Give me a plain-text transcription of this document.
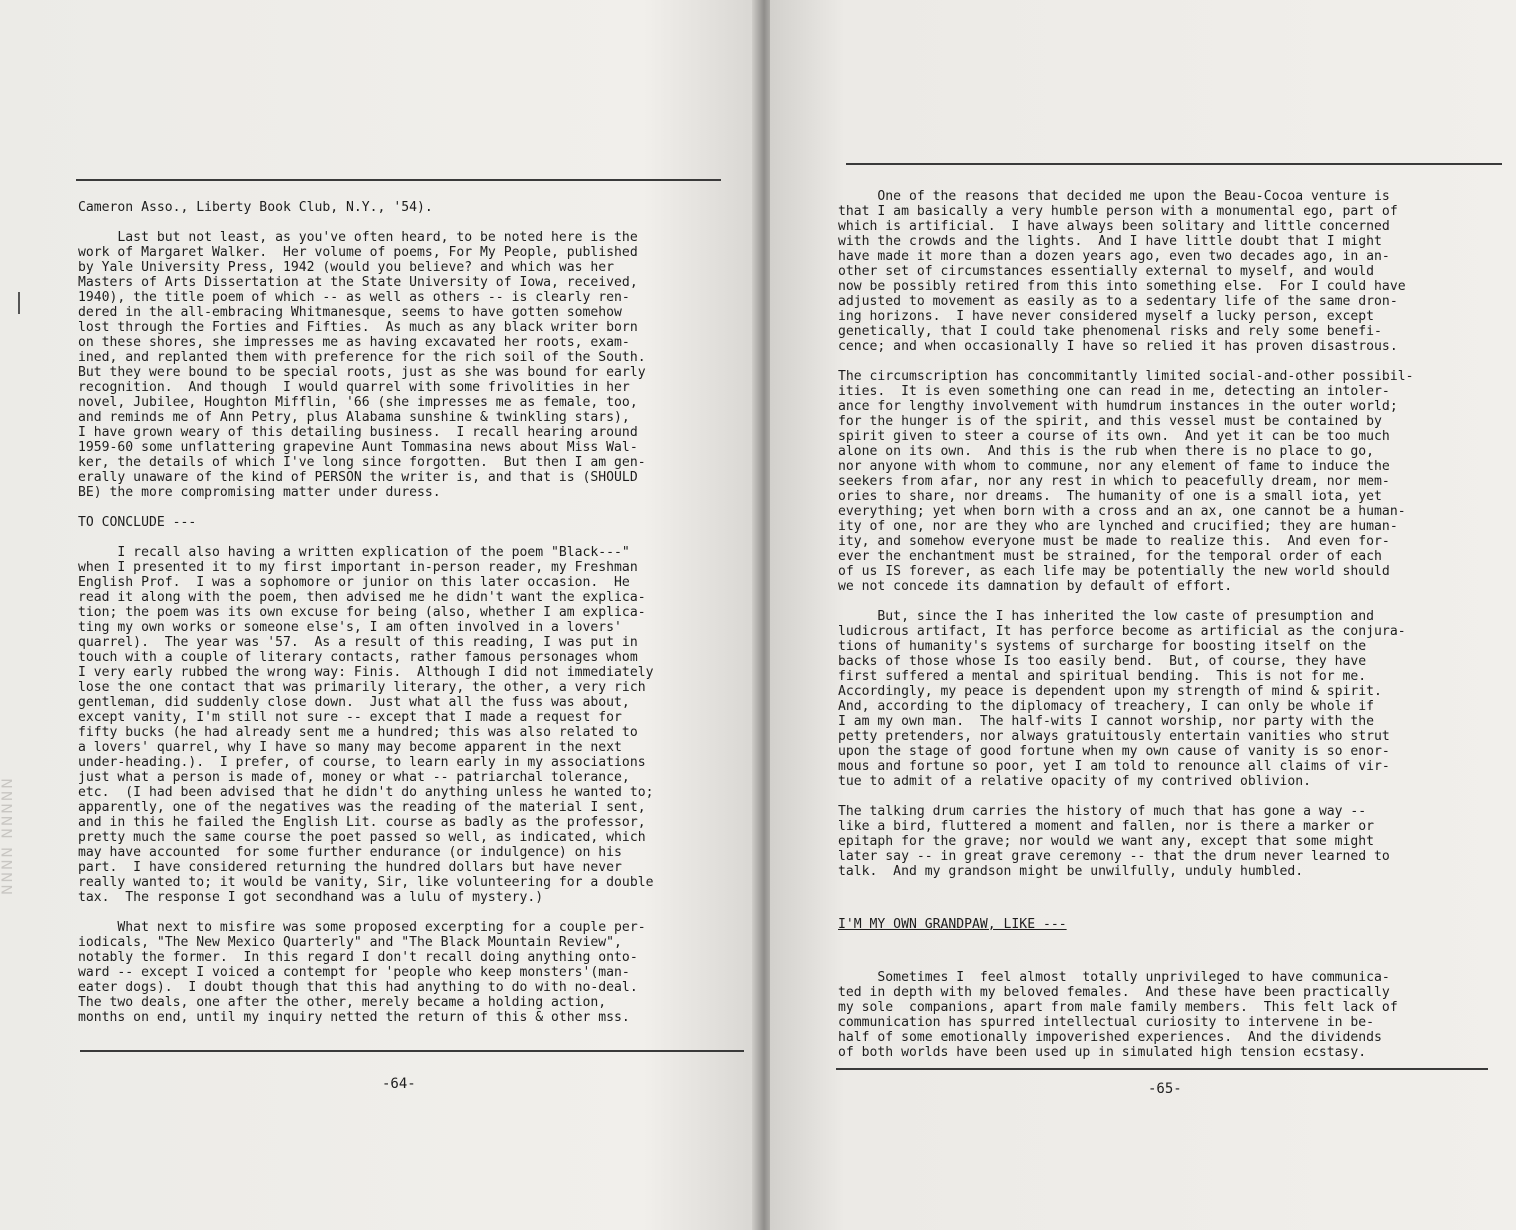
NNNN NNNNN
Cameron Asso., Liberty Book Club, N.Y., '54).
Last but not least, as you've often heard, to be noted here is the
work of Margaret Walker.  Her volume of poems, For My People, published
by Yale University Press, 1942 (would you believe? and which was her
Masters of Arts Dissertation at the State University of Iowa, received,
1940), the title poem of which -- as well as others -- is clearly ren-
dered in the all-embracing Whitmanesque, seems to have gotten somehow
lost through the Forties and Fifties.  As much as any black writer born
on these shores, she impresses me as having excavated her roots, exam-
ined, and replanted them with preference for the rich soil of the South.
But they were bound to be special roots, just as she was bound for early
recognition.  And though  I would quarrel with some frivolities in her
novel, Jubilee, Houghton Mifflin, '66 (she impresses me as female, too,
and reminds me of Ann Petry, plus Alabama sunshine & twinkling stars),
I have grown weary of this detailing business.  I recall hearing around
1959-60 some unflattering grapevine Aunt Tommasina news about Miss Wal-
ker, the details of which I've long since forgotten.  But then I am gen-
erally unaware of the kind of PERSON the writer is, and that is (SHOULD
BE) the more compromising matter under duress.
TO CONCLUDE ---
I recall also having a written explication of the poem "Black---"
when I presented it to my first important in-person reader, my Freshman
English Prof.  I was a sophomore or junior on this later occasion.  He
read it along with the poem, then advised me he didn't want the explica-
tion; the poem was its own excuse for being (also, whether I am explica-
ting my own works or someone else's, I am often involved in a lovers'
quarrel).  The year was '57.  As a result of this reading, I was put in
touch with a couple of literary contacts, rather famous personages whom
I very early rubbed the wrong way: Finis.  Although I did not immediately
lose the one contact that was primarily literary, the other, a very rich
gentleman, did suddenly close down.  Just what all the fuss was about,
except vanity, I'm still not sure -- except that I made a request for
fifty bucks (he had already sent me a hundred; this was also related to
a lovers' quarrel, why I have so many may become apparent in the next
under-heading.).  I prefer, of course, to learn early in my associations
just what a person is made of, money or what -- patriarchal tolerance,
etc.  (I had been advised that he didn't do anything unless he wanted to;
apparently, one of the negatives was the reading of the material I sent,
and in this he failed the English Lit. course as badly as the professor,
pretty much the same course the poet passed so well, as indicated, which
may have accounted  for some further endurance (or indulgence) on his
part.  I have considered returning the hundred dollars but have never
really wanted to; it would be vanity, Sir, like volunteering for a double
tax.  The response I got secondhand was a lulu of mystery.)
What next to misfire was some proposed excerpting for a couple per-
iodicals, "The New Mexico Quarterly" and "The Black Mountain Review",
notably the former.  In this regard I don't recall doing anything onto-
ward -- except I voiced a contempt for 'people who keep monsters'(man-
eater dogs).  I doubt though that this had anything to do with no-deal.
The two deals, one after the other, merely became a holding action,
months on end, until my inquiry netted the return of this & other mss.
-64-
One of the reasons that decided me upon the Beau-Cocoa venture is
that I am basically a very humble person with a monumental ego, part of
which is artificial.  I have always been solitary and little concerned
with the crowds and the lights.  And I have little doubt that I might
have made it more than a dozen years ago, even two decades ago, in an-
other set of circumstances essentially external to myself, and would
now be possibly retired from this into something else.  For I could have
adjusted to movement as easily as to a sedentary life of the same dron-
ing horizons.  I have never considered myself a lucky person, except
genetically, that I could take phenomenal risks and rely some benefi-
cence; and when occasionally I have so relied it has proven disastrous.
The circumscription has concommitantly limited social-and-other possibil-
ities.  It is even something one can read in me, detecting an intoler-
ance for lengthy involvement with humdrum instances in the outer world;
for the hunger is of the spirit, and this vessel must be contained by
spirit given to steer a course of its own.  And yet it can be too much
alone on its own.  And this is the rub when there is no place to go,
nor anyone with whom to commune, nor any element of fame to induce the
seekers from afar, nor any rest in which to peacefully dream, nor mem-
ories to share, nor dreams.  The humanity of one is a small iota, yet
everything; yet when born with a cross and an ax, one cannot be a human-
ity of one, nor are they who are lynched and crucified; they are human-
ity, and somehow everyone must be made to realize this.  And even for-
ever the enchantment must be strained, for the temporal order of each
of us IS forever, as each life may be potentially the new world should
we not concede its damnation by default of effort.
But, since the I has inherited the low caste of presumption and
ludicrous artifact, It has perforce become as artificial as the conjura-
tions of humanity's systems of surcharge for boosting itself on the
backs of those whose Is too easily bend.  But, of course, they have
first suffered a mental and spiritual bending.  This is not for me.
Accordingly, my peace is dependent upon my strength of mind & spirit.
And, according to the diplomacy of treachery, I can only be whole if
I am my own man.  The half-wits I cannot worship, nor party with the
petty pretenders, nor always gratuitously entertain vanities who strut
upon the stage of good fortune when my own cause of vanity is so enor-
mous and fortune so poor, yet I am told to renounce all claims of vir-
tue to admit of a relative opacity of my contrived oblivion.
The talking drum carries the history of much that has gone a way --
like a bird, fluttered a moment and fallen, nor is there a marker or
epitaph for the grave; nor would we want any, except that some might
later say -- in great grave ceremony -- that the drum never learned to
talk.  And my grandson might be unwilfully, unduly humbled.
I'M MY OWN GRANDPAW, LIKE ---
Sometimes I  feel almost  totally unprivileged to have communica-
ted in depth with my beloved females.  And these have been practically
my sole  companions, apart from male family members.  This felt lack of
communication has spurred intellectual curiosity to intervene in be-
half of some emotionally impoverished experiences.  And the dividends
of both worlds have been used up in simulated high tension ecstasy.
-65-
